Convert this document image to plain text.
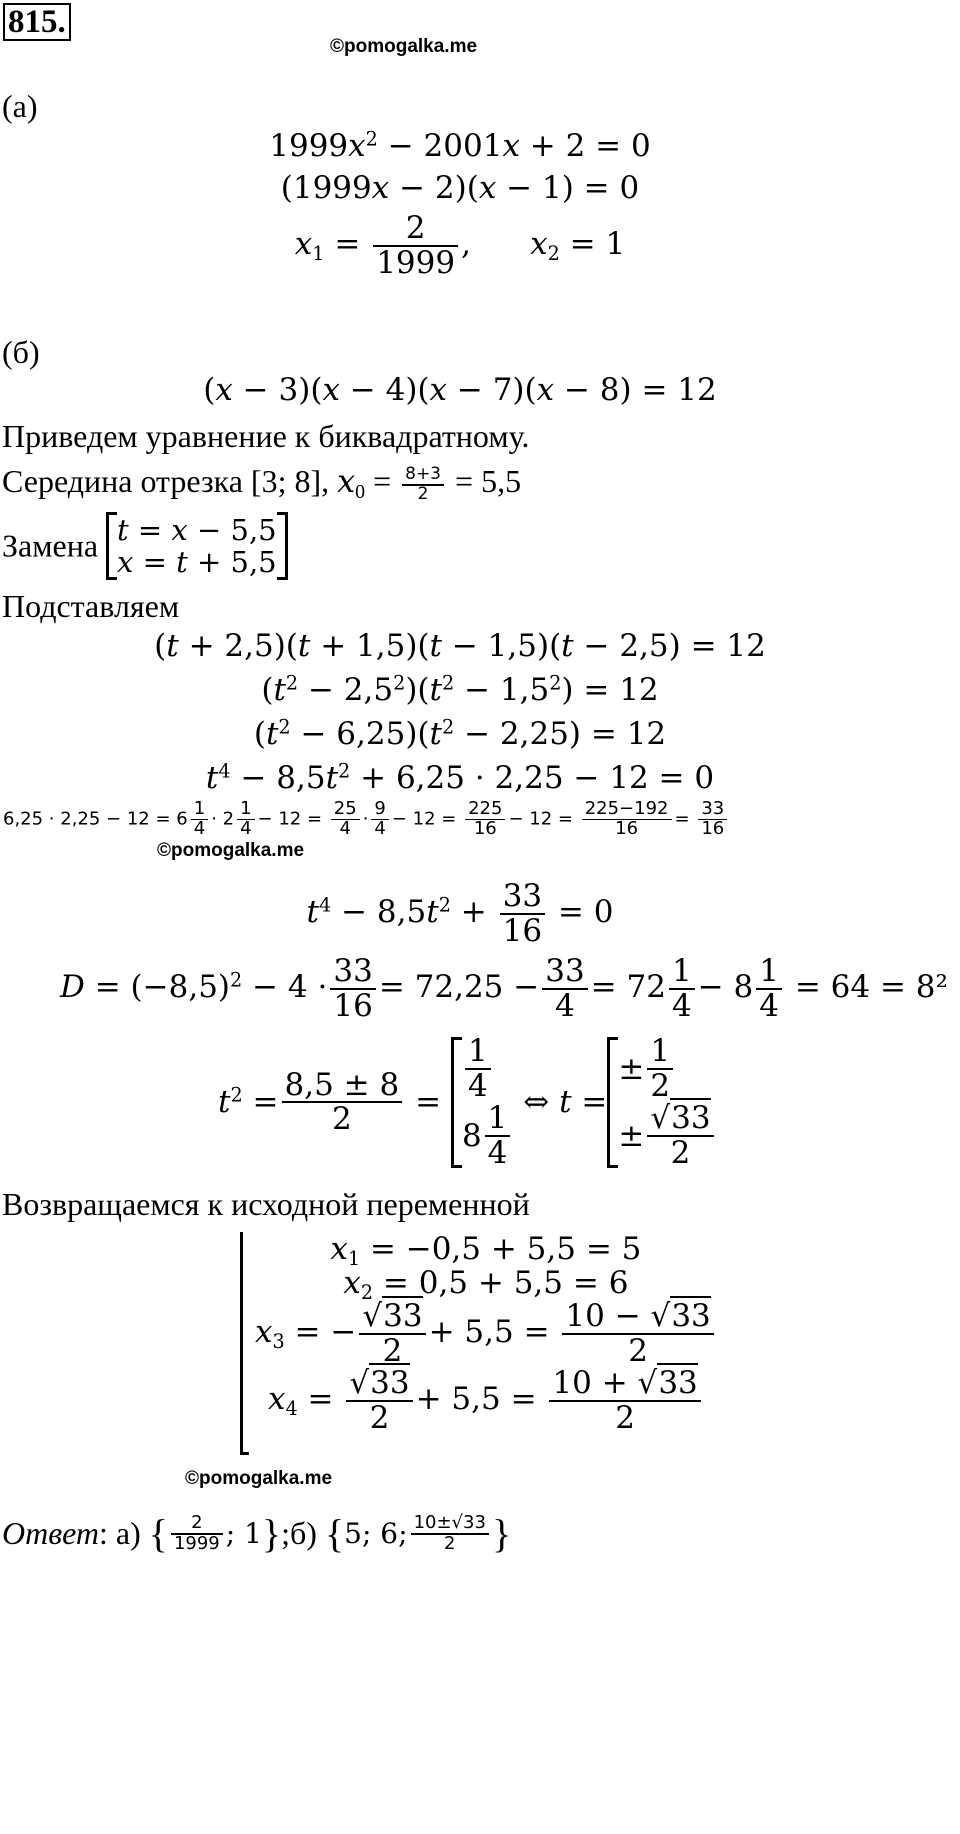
815.
©pomogalka.me
(а)
$1999x^2 - 2001x + 2 = 0$
(1999x − 2)(x − 1) = 0
$x_1 = \frac{2}{1999}$ ,      $x_2 = 1$
(б)
(x − 3)(x − 4)(x − 7)(x − 8) = 12
Приведем уравнение к биквадратному.
Середина отрезка [3; 8], $x_0 = \frac{8+3}{2} = 5,5$
Замена t = x − 5,5
x = t + 5,5
Подставляем
(t + 2,5)(t + 1,5)(t − 1,5)(t − 2,5) = 12
$(t^2 - 2,5^2)(t^2 - 1,5^2) = 12$
$(t^2 - 6,25)(t^2 - 2,25) = 12$
$t^4 - 8,5t^2 + 6,25 \cdot 2,25 - 12 = 0$
$6,25 \cdot 2,25 - 12 = 6 \frac{1}{4} \cdot 2 \frac{1}{4} - 12 = \frac{25}{4} \cdot \frac{9}{4} - 12 = \frac{225}{16} - 12 = \frac{225-192}{16} = \frac{33}{16}$
©pomogalka.me
$t^4 - 8,5t^2 + \frac{33}{16} = 0$
$D = (-8,5)^2 - 4 \cdot \frac{33}{16} = 72,25 - \frac{33}{4} = 72 \frac{1}{4} - 8 \frac{1}{4} = 64 = 8^2$
$t^2 = \frac{8,5 \pm 8}{2} = \frac{1}{4}$
$8 \frac{1}{4}$ ⇔ t =
± $\frac{1}{2}$
± $\frac{√33}{2}$
Возвращаемся к исходной переменной
$x_1 = -0,5 + 5,5 = 5$
$x_2 = 0,5 + 5,5 = 6$
$x_3$ = − $\frac{√33}{2} + 5,5 = \frac{10 - √33}{2}$
$x_4 = \frac{√33}{2} + 5,5 = \frac{10 + √33}{2}$
©pomogalka.me
Ответ : а)
{ $\frac{2}{1999}$ ; 1 } ; б)
{ 5; 6; $\frac{10\pm√33}{2}$ }
